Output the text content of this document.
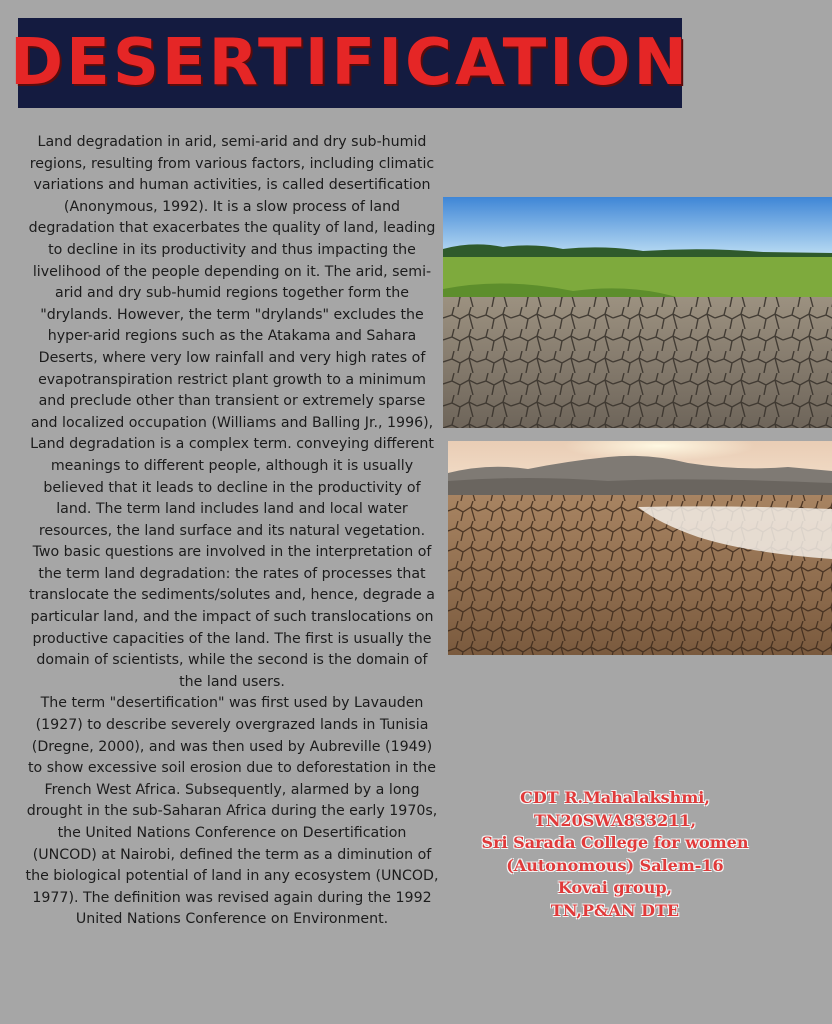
DESERTIFICATION

Land degradation in arid, semi-arid and dry sub-humid regions, resulting from various factors, including climatic variations and human activities, is called desertification (Anonymous, 1992). It is a slow process of land degradation that exacerbates the quality of land, leading to decline in its productivity and thus impacting the livelihood of the people depending on it. The arid, semi-arid and dry sub-humid regions together form the "drylands. However, the term "drylands" excludes the hyper-arid regions such as the Atakama and Sahara Deserts, where very low rainfall and very high rates of evapotranspiration restrict plant growth to a minimum and preclude other than transient or extremely sparse and localized occupation (Williams and Balling Jr., 1996), Land degradation is a complex term. conveying different meanings to different people, although it is usually believed that it leads to decline in the productivity of land. The term land includes land and local water resources, the land surface and its natural vegetation. Two basic questions are involved in the interpretation of the term land degradation: the rates of processes that translocate the sediments/solutes and, hence, degrade a particular land, and the impact of such translocations on productive capacities of the land. The first is usually the domain of scientists, while the second is the domain of the land users.

The term "desertification" was first used by Lavauden (1927) to describe severely overgrazed lands in Tunisia (Dregne, 2000), and was then used by Aubreville (1949) to show excessive soil erosion due to deforestation in the French West Africa. Subsequently, alarmed by a long drought in the sub-Saharan Africa during the early 1970s, the United Nations Conference on Desertification (UNCOD) at Nairobi, defined the term as a diminution of the biological potential of land in any ecosystem (UNCOD, 1977). The definition was revised again during the 1992 United Nations Conference on Environment.

CDT R.Mahalakshmi,
TN20SWA833211,
Sri Sarada College for women
(Autonomous) Salem-16
Kovai group,
TN,P&AN DTE
